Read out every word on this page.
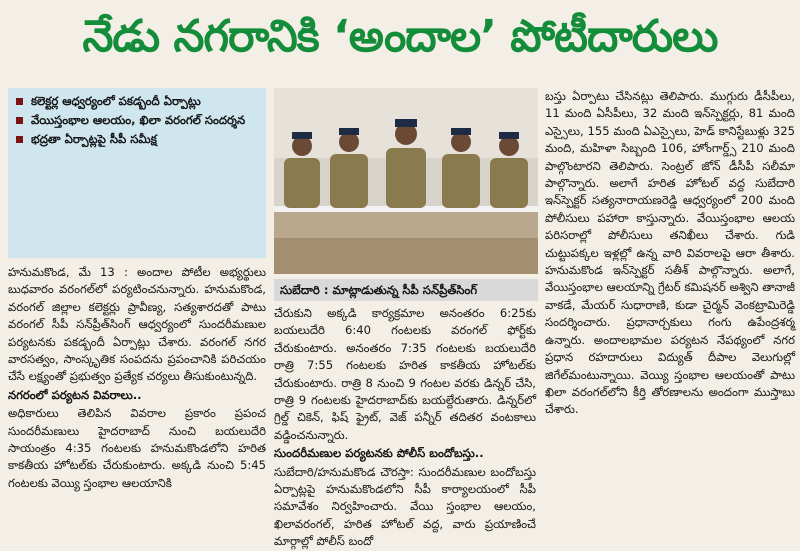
నేడు నగరానికి ‘అందాల’ పోటీదారులు
కలెక్టర్ల ఆధ్వర్యంలో పకడ్బందీ ఏర్పాట్లు
వేయిస్తంభాల ఆలయం, ఖిలా వరంగల్ సందర్శన
భద్రతా ఏర్పాట్లపై సీపీ సమీక్ష

హనుమకొండ, మే 13 : అందాల పోటీల అభ్యర్థులు బుధవారం వరంగల్‌లో పర్యటించనున్నారు. హనుమకొండ, వరంగల్ జిల్లాల కలెక్టర్లు ప్రావీణ్య, సత్యశారదతో పాటు వరంగల్ సీపీ సన్‌ప్రీత్‌సింగ్ ఆధ్వర్యంలో సుందరీమణుల పర్యటనకు పకడ్బందీ ఏర్పాట్లు చేశారు. వరంగల్ నగర వారసత్వం, సాంస్కృతిక సంపదను ప్రపంచానికి పరిచయం చేసే లక్ష్యంతో ప్రభుత్వం ప్రత్యేక చర్యలు తీసుకుంటున్నది.

నగరంలో పర్యటన వివరాలు..

అధికారులు తెలిపిన వివరాల ప్రకారం ప్రపంచ సుందరీమణులు హైదరాబాద్ నుంచి బయలుదేరి సాయంత్రం 4:35 గంటలకు హనుమకొండలోని హరిత కాకతీయ హోటల్‌కు చేరుకుంటారు. అక్కడి నుంచి 5:45 గంటలకు వెయ్యి స్తంభాల ఆలయానికి

సుబేదారి : మాట్లాడుతున్న సీపీ సన్‌ప్రీత్‌సింగ్

చేరుకుని అక్కడి కార్యక్రమాల అనంతరం 6:25కు బయలుదేరి 6:40 గంటలకు వరంగల్ ఫోర్ట్‌కు చేరుకుంటారు. అనంతరం 7:35 గంటలకు బయలుదేరి రాత్రి 7:55 గంటలకు హరిత కాకతీయ హోటల్‌కు చేరుకుంటారు. రాత్రి 8 నుంచి 9 గంటల వరకు డిన్నర్ చేసి, రాత్రి 9 గంటలకు హైదరాబాద్‌కు బయల్దేరుతారు. డిన్నర్‌లో గ్రిల్డ్ చికెన్, ఫిష్ ఫ్రైట్, వెజ్ పన్నీర్ తదితర వంటకాలు వడ్డించనున్నారు.

సుందరీమణుల పర్యటనకు పోలీస్ బందోబస్తు..

సుబేదారి/హనుమకొండ చౌరస్తా: సుందరీమణుల బందోబస్తు ఏర్పాట్లపై హనుమకొండలోని సీపీ కార్యాలయంలో సీపీ సమావేశం నిర్వహించారు. వేయి స్తంభాల ఆలయం, ఖిలావరంగల్, హరిత హోటల్ వద్ద, వారు ప్రయాణించే మార్గాల్లో పోలీస్ బందో

బస్తు ఏర్పాటు చేసినట్లు తెలిపారు. ముగ్గురు డీసీపీలు, 11 మంది ఏసీపీలు, 32 మంది ఇన్‌స్పెక్టర్లు, 81 మంది ఎస్సైలు, 155 మంది ఏఎస్సైలు, హెడ్ కానిస్టేబుళ్లు 325 మంది, మహిళా సిబ్బంది 106, హోంగార్డ్స్ 210 మంది పాల్గొంటారని తెలిపారు. సెంట్రల్ జోన్ డీసీపీ సలీమా పాల్గొన్నారు. అలాగే హరిత హోటల్ వద్ద సుబేదారి ఇన్‌స్పెక్టర్ సత్యనారాయణరెడ్డి ఆధ్వర్యంలో 200 మంది పోలీసులు పహారా కాస్తున్నారు. వేయిస్తంభాల ఆలయ పరిసరాల్లో పోలీసులు తనిఖీలు చేశారు. గుడి చుట్టుపక్కల ఇళ్లల్లో ఉన్న వారి వివరాలపై ఆరా తీశారు. హనుమకొండ ఇన్‌స్పెక్టర్ సతీశ్ పాల్గొన్నారు. అలాగే, వేయిస్తంభాల ఆలయాన్ని గ్రేటర్ కమిషనర్ అశ్విని తానాజీ వాకడే, మేయర్ సుధారాణి, కుడా చైర్మన్ వెంకట్రామిరెడ్డి సందర్శించారు. ప్రధానార్చకులు గంగు ఉపేంద్రశర్మ ఉన్నారు. అందాలభామల పర్యటన నేపథ్యంలో నగర ప్రధాన రహదారులు విద్యుత్ దీపాల వెలుగుల్లో జిగేల్‌మంటున్నాయి. వెయ్యి స్తంభాల ఆలయంతో పాటు ఖిలా వరంగల్‌లోని కీర్తి తోరణాలను అందంగా ముస్తాబు చేశారు.
